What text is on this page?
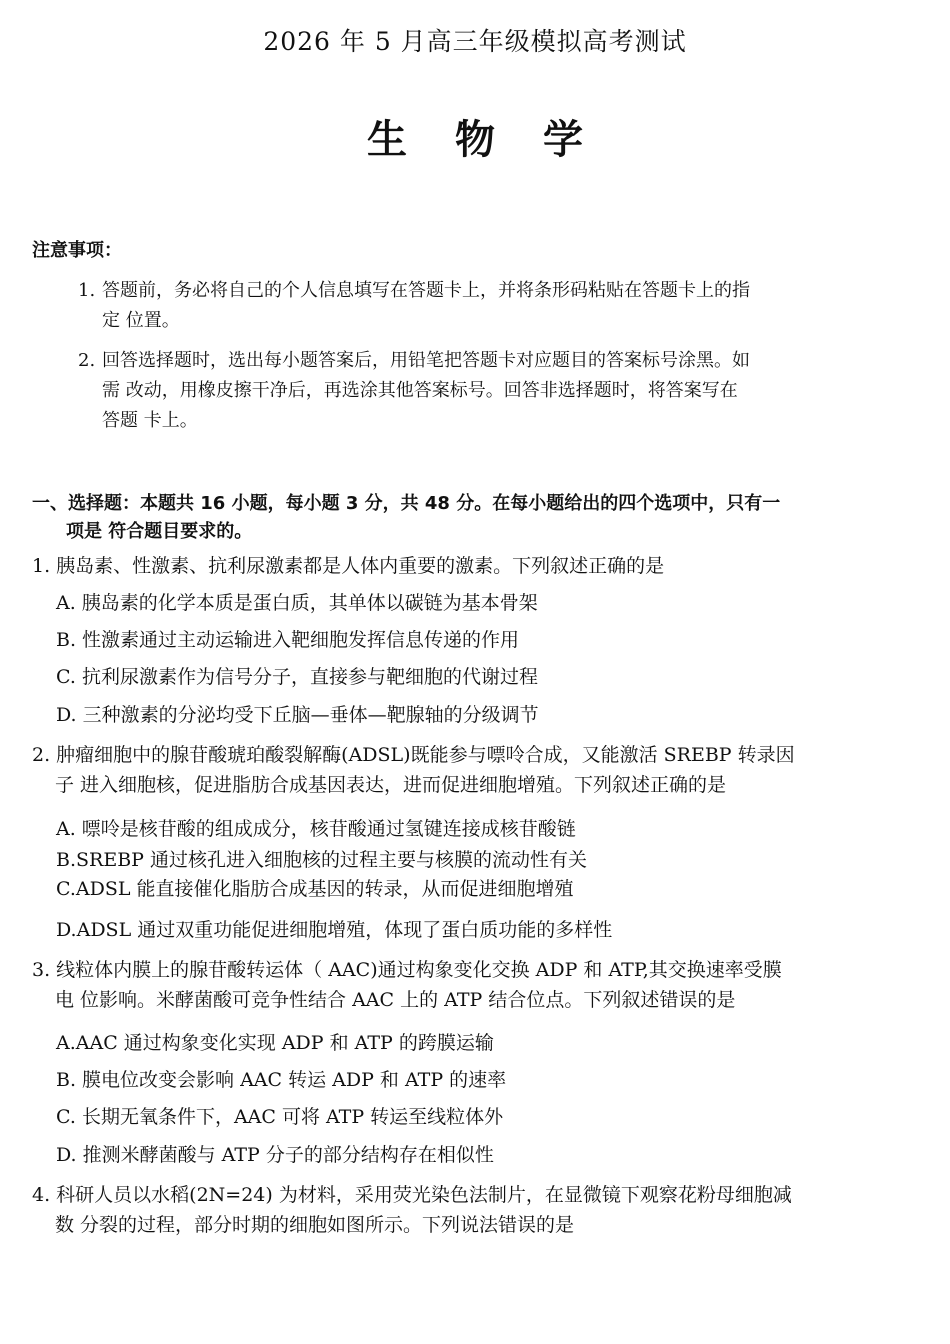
2026 年 5 月高三年级模拟高考测试
生物学
注意事项：
1. 答题前，务必将自己的个人信息填写在答题卡上，并将条形码粘贴在答题卡上的指
定 位置。
2. 回答选择题时，选出每小题答案后，用铅笔把答题卡对应题目的答案标号涂黑。如
需 改动，用橡皮擦干净后，再选涂其他答案标号。回答非选择题时，将答案写在
答题 卡上。
一、选择题：本题共 16 小题，每小题 3 分，共 48 分。在每小题给出的四个选项中，只有一
项是 符合题目要求的。
1. 胰岛素、性激素、抗利尿激素都是人体内重要的激素。下列叙述正确的是
A. 胰岛素的化学本质是蛋白质，其单体以碳链为基本骨架
B. 性激素通过主动运输进入靶细胞发挥信息传递的作用
C. 抗利尿激素作为信号分子，直接参与靶细胞的代谢过程
D. 三种激素的分泌均受下丘脑—垂体—靶腺轴的分级调节
2. 肿瘤细胞中的腺苷酸琥珀酸裂解酶(ADSL)既能参与嘌呤合成，又能激活 SREBP 转录因
子 进入细胞核，促进脂肪合成基因表达，进而促进细胞增殖。下列叙述正确的是
A. 嘌呤是核苷酸的组成成分，核苷酸通过氢键连接成核苷酸链
B.SREBP 通过核孔进入细胞核的过程主要与核膜的流动性有关
C.ADSL 能直接催化脂肪合成基因的转录，从而促进细胞增殖
D.ADSL 通过双重功能促进细胞增殖，体现了蛋白质功能的多样性
3. 线粒体内膜上的腺苷酸转运体（ AAC)通过构象变化交换 ADP 和 ATP,其交换速率受膜
电 位影响。米酵菌酸可竞争性结合 AAC 上的 ATP 结合位点。下列叙述错误的是
A.AAC 通过构象变化实现 ADP 和 ATP 的跨膜运输
B. 膜电位改变会影响 AAC 转运 ADP 和 ATP 的速率
C. 长期无氧条件下，AAC 可将 ATP 转运至线粒体外
D. 推测米酵菌酸与 ATP 分子的部分结构存在相似性
4. 科研人员以水稻(2N=24) 为材料，采用荧光染色法制片，在显微镜下观察花粉母细胞减
数 分裂的过程，部分时期的细胞如图所示。下列说法错误的是
